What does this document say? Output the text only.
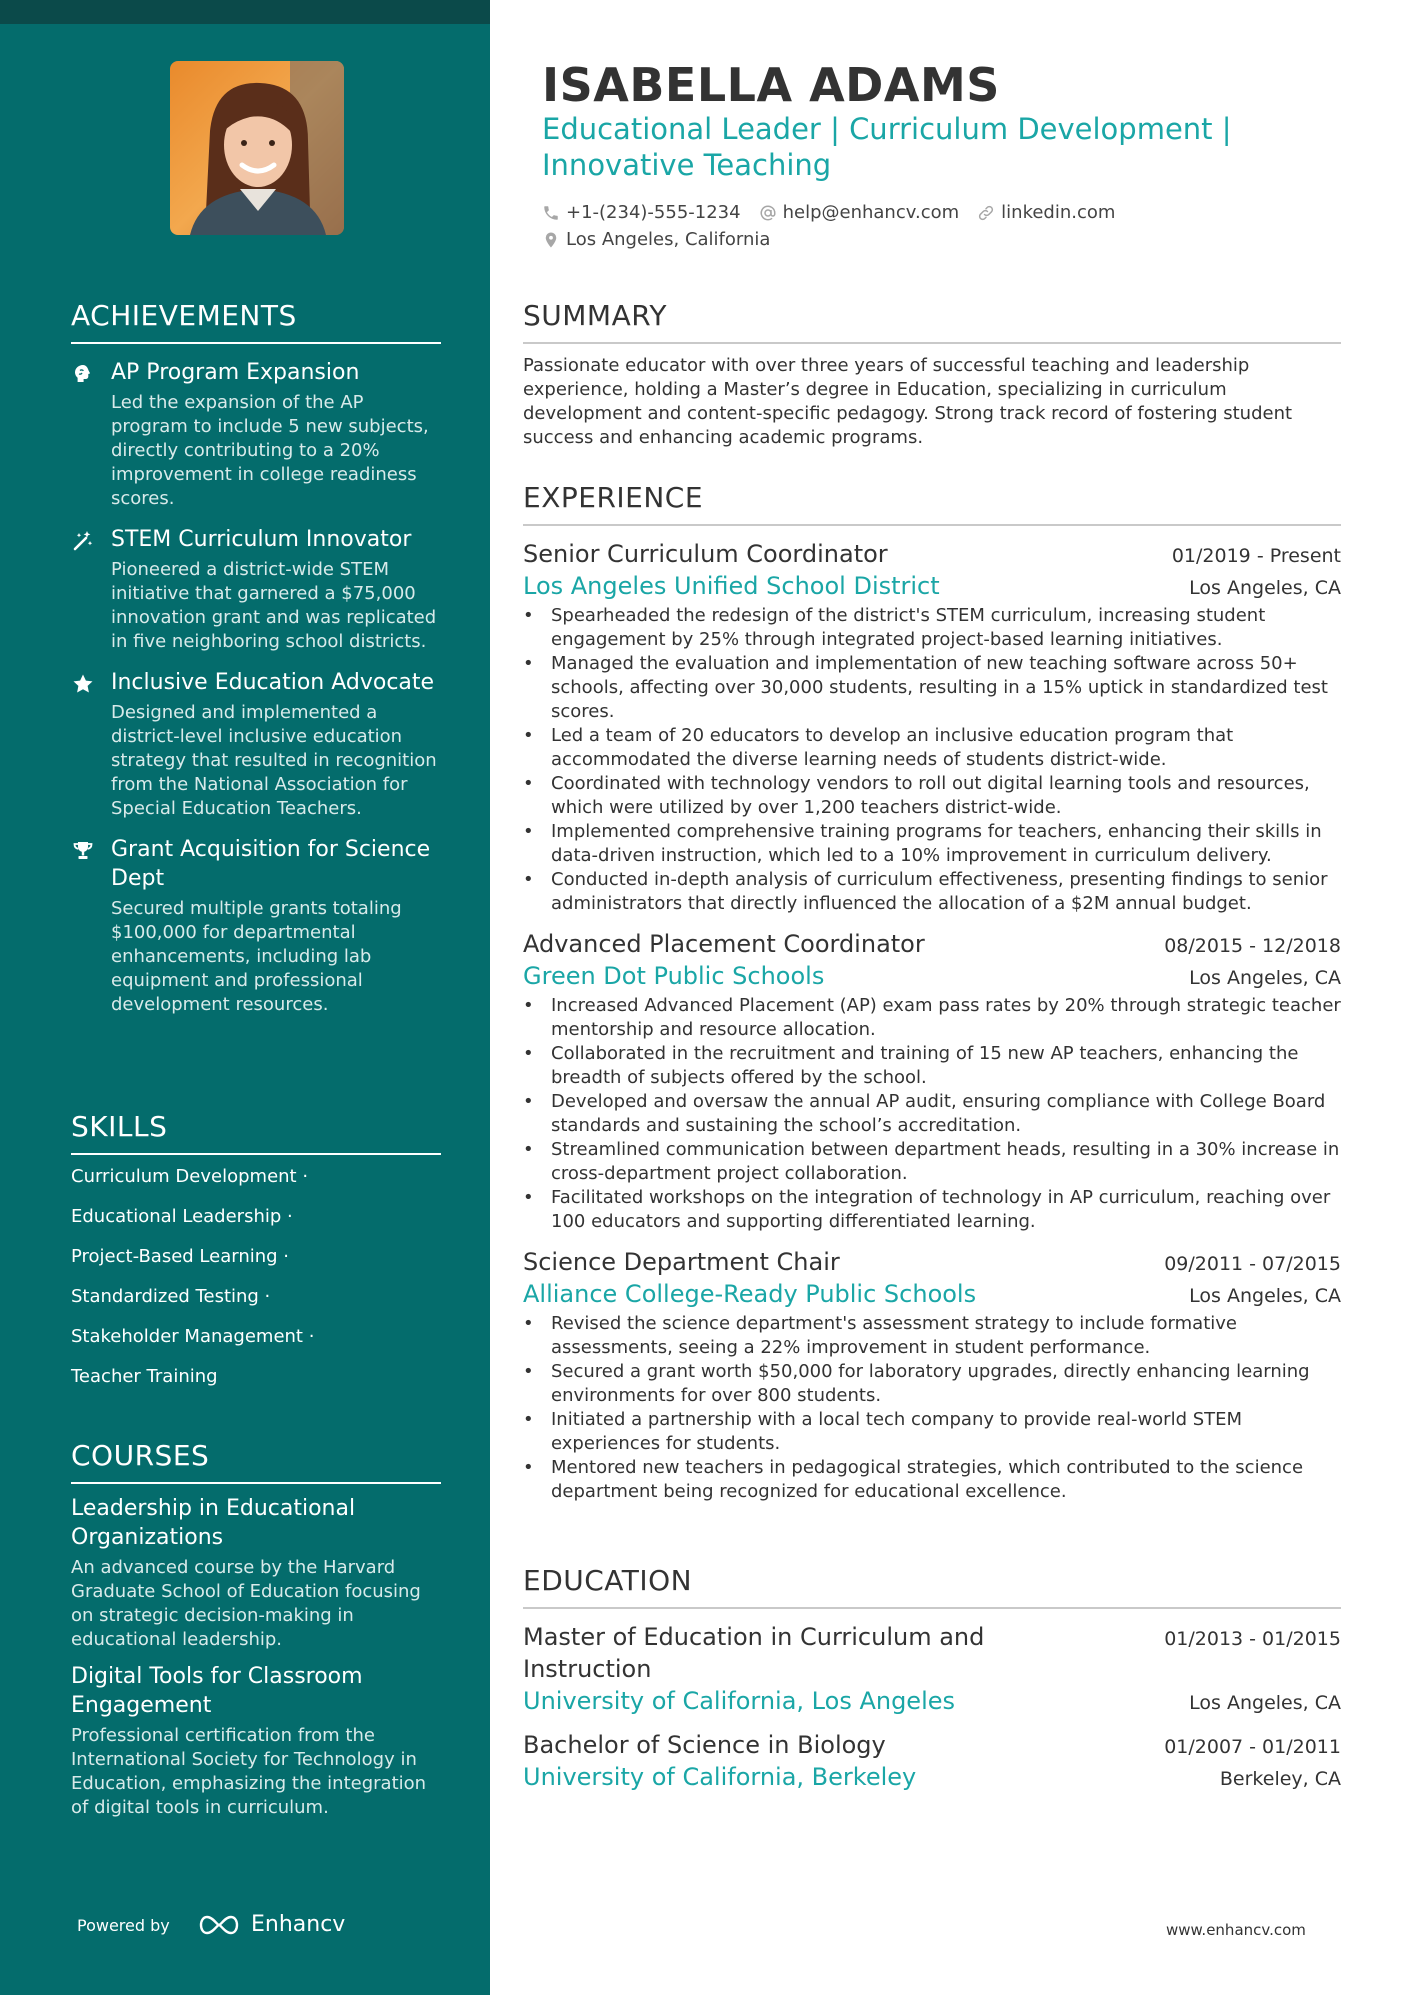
ACHIEVEMENTS
AP Program Expansion
Led the expansion of the AP program to include 5 new subjects, directly contributing to a 20% improvement in college readiness scores.
STEM Curriculum Innovator
Pioneered a district-wide STEM initiative that garnered a $75,000 innovation grant and was replicated in five neighboring school districts.
Inclusive Education Advocate
Designed and implemented a district-level inclusive education strategy that resulted in recognition from the National Association for Special Education Teachers.
Grant Acquisition for Science Dept
Secured multiple grants totaling $100,000 for departmental enhancements, including lab equipment and professional development resources.
SKILLS
Curriculum Development ·
Educational Leadership ·
Project-Based Learning ·
Standardized Testing ·
Stakeholder Management ·
Teacher Training
COURSES
Leadership in Educational Organizations
An advanced course by the Harvard Graduate School of Education focusing on strategic decision-making in educational leadership.
Digital Tools for Classroom Engagement
Professional certification from the International Society for Technology in Education, emphasizing the integration of digital tools in curriculum.
Powered by	Enhancv
ISABELLA ADAMS
Educational Leader | Curriculum Development | Innovative Teaching
+1-(234)-555-1234 help@enhancv.com linkedin.com
Los Angeles, California
SUMMARY

Passionate educator with over three years of successful teaching and leadership experience, holding a Master’s degree in Education, specializing in curriculum development and content-specific pedagogy. Strong track record of fostering student success and enhancing academic programs.

EXPERIENCE
Senior Curriculum Coordinator	01/2019 - Present
Los Angeles Unified School District	Los Angeles, CA
• Spearheaded the redesign of the district's STEM curriculum, increasing student engagement by 25% through integrated project-based learning initiatives.
• Managed the evaluation and implementation of new teaching software across 50+ schools, affecting over 30,000 students, resulting in a 15% uptick in standardized test scores.
• Led a team of 20 educators to develop an inclusive education program that accommodated the diverse learning needs of students district-wide.
• Coordinated with technology vendors to roll out digital learning tools and resources, which were utilized by over 1,200 teachers district-wide.
• Implemented comprehensive training programs for teachers, enhancing their skills in data-driven instruction, which led to a 10% improvement in curriculum delivery.
• Conducted in-depth analysis of curriculum effectiveness, presenting findings to senior administrators that directly influenced the allocation of a $2M annual budget.
Advanced Placement Coordinator	08/2015 - 12/2018
Green Dot Public Schools	Los Angeles, CA
• Increased Advanced Placement (AP) exam pass rates by 20% through strategic teacher mentorship and resource allocation.
• Collaborated in the recruitment and training of 15 new AP teachers, enhancing the breadth of subjects offered by the school.
• Developed and oversaw the annual AP audit, ensuring compliance with College Board standards and sustaining the school’s accreditation.
• Streamlined communication between department heads, resulting in a 30% increase in cross-department project collaboration.
• Facilitated workshops on the integration of technology in AP curriculum, reaching over 100 educators and supporting differentiated learning.
Science Department Chair	09/2011 - 07/2015
Alliance College-Ready Public Schools	Los Angeles, CA
• Revised the science department's assessment strategy to include formative assessments, seeing a 22% improvement in student performance.
• Secured a grant worth $50,000 for laboratory upgrades, directly enhancing learning environments for over 800 students.
• Initiated a partnership with a local tech company to provide real-world STEM experiences for students.
• Mentored new teachers in pedagogical strategies, which contributed to the science department being recognized for educational excellence.
EDUCATION
Master of Education in Curriculum and Instruction
01/2013 - 01/2015
University of California, Los Angeles	Los Angeles, CA
Bachelor of Science in Biology	01/2007 - 01/2011
University of California, Berkeley	Berkeley, CA
www.enhancv.com
